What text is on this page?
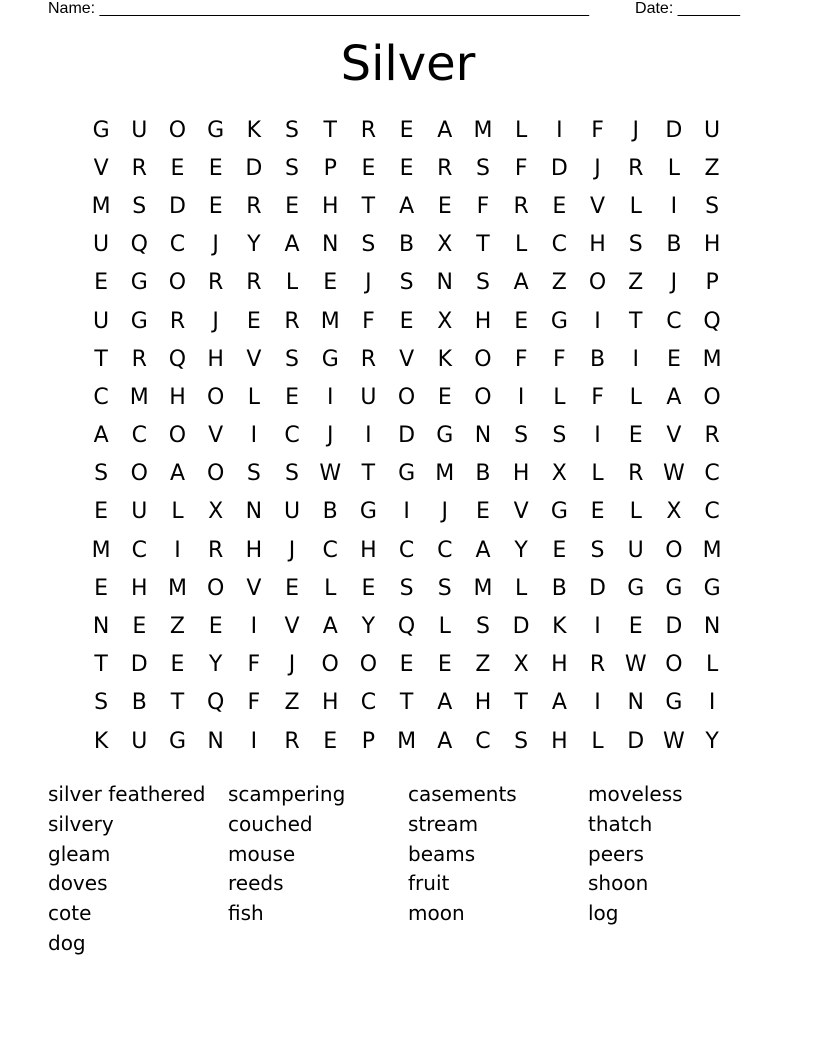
Name: _______________________________________________________	Date: _______
Silver
G U O G	K	S	T	R	E	A M	L	I	F	J	D U
V	R	E	E	D	S	P	E	E	R	S	F	D	J	R	L	Z
M S	D	E	R	E	H	T	A	E	F	R	E	V	L	I	S
U Q C	J	Y	A	N	S	B	X	T	L	C	H	S	B	H
E	G O R	R	L	E	J	S	N	S	A	Z O Z	J	P
U G	R	J	E	R M	F	E	X	H	E	G	I	T	C Q
T	R Q H	V	S	G	R	V	K	O	F	F	B	I	E M
C M H O	L	E	I	U O	E	O	I	L	F	L	A O
A	C O	V	I	C	J	I	D G N	S	S	I	E	V	R
S	O	A O	S	S W T	G M B	H	X	L	R W C
E	U	L	X	N U	B	G	I	J	E	V	G	E	L	X	C
M C	I	R	H	J	C	H	C	C	A	Y	E	S	U O M
E	H M O	V	E	L	E	S	S M	L	B	D G G G
N	E	Z	E	I	V	A	Y	Q	L	S	D	K	I	E	D N
T	D	E	Y	F	J	O O	E	E	Z	X	H	R W O	L
S	B	T	Q	F	Z	H	C	T	A	H	T	A	I	N G	I
K	U G N	I	R	E	P	M A	C	S	H	L	D W Y
silver feathered	scampering	casements	moveless
silvery	couched	stream	thatch
gleam	mouse	beams	peers
doves	reeds	fruit	shoon
cote	fish	moon	log
dog
